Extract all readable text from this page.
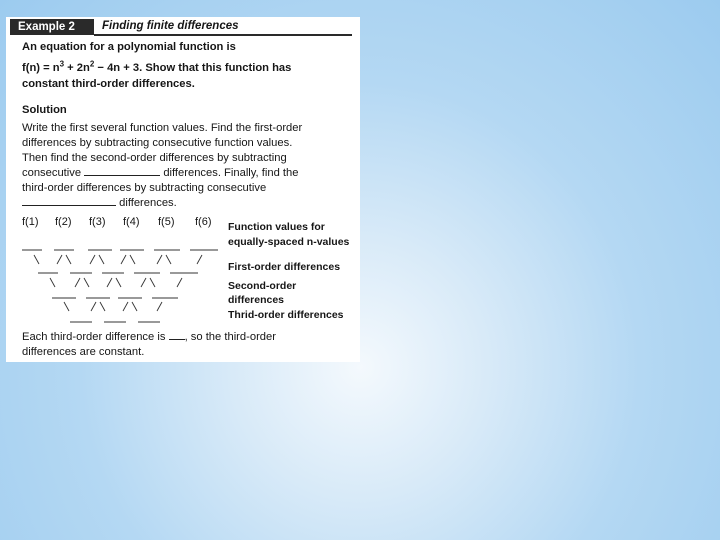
Example 2	Finding finite differences
An equation for a polynomial function is
$f(n) = n^3 + 2n^2 - 4n + 3$. Show that this function has
constant third-order differences.
Solution
Write the first several function values. Find the first-order
differences by subtracting consecutive function values.
Then find the second-order differences by subtracting
consecutive	differences. Finally, find the
third-order differences by subtracting consecutive
differences.
f(1) f(2) f(3) f(4) f(5) f(6) Function values for
equally-spaced n-values
First-order differences
Second-order
differences
Thrid-order differences
Each third-order difference is , so the third-order
differences are constant.
